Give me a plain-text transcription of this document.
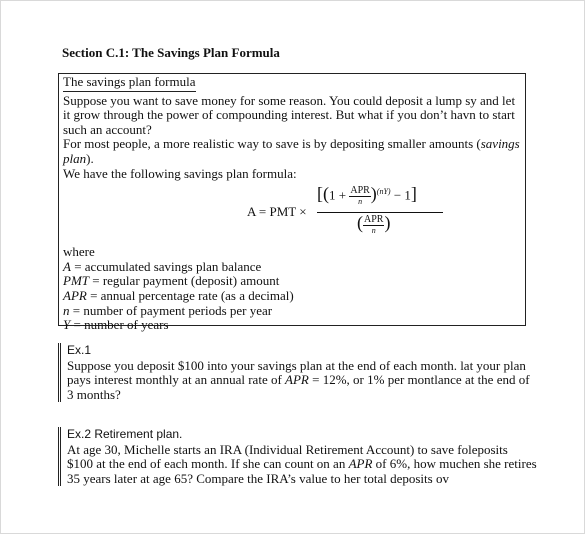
Section C.1: The Savings Plan Formula
The savings plan formula

Suppose you want to save money for some reason. You could deposit a lump sy and let it grow through the power of compounding interest. But what if you don’t havn to start such an account?

For most people, a more realistic way to save is by depositing smaller amounts (savings plan).

We have the following savings plan formula:

A = PMT ×
$[(1 + \frac{\text{APR}}{n} )^{(nY)} - 1]$
( $\frac{\text{APR}}{n}$ )

where

A = accumulated savings plan balance

PMT = regular payment (deposit) amount

APR = annual percentage rate (as a decimal)

n = number of payment periods per year

Y = number of years

Ex.1

Suppose you deposit $100 into your savings plan at the end of each month. lat your plan pays interest monthly at an annual rate of APR = 12%, or 1% per montlance at the end of 3 months?

Ex.2 Retirement plan.

At age 30, Michelle starts an IRA (Individual Retirement Account) to save foleposits $100 at the end of each month. If she can count on an APR of 6%, how muchen she retires 35 years later at age 65? Compare the IRA’s value to her total deposits ov
